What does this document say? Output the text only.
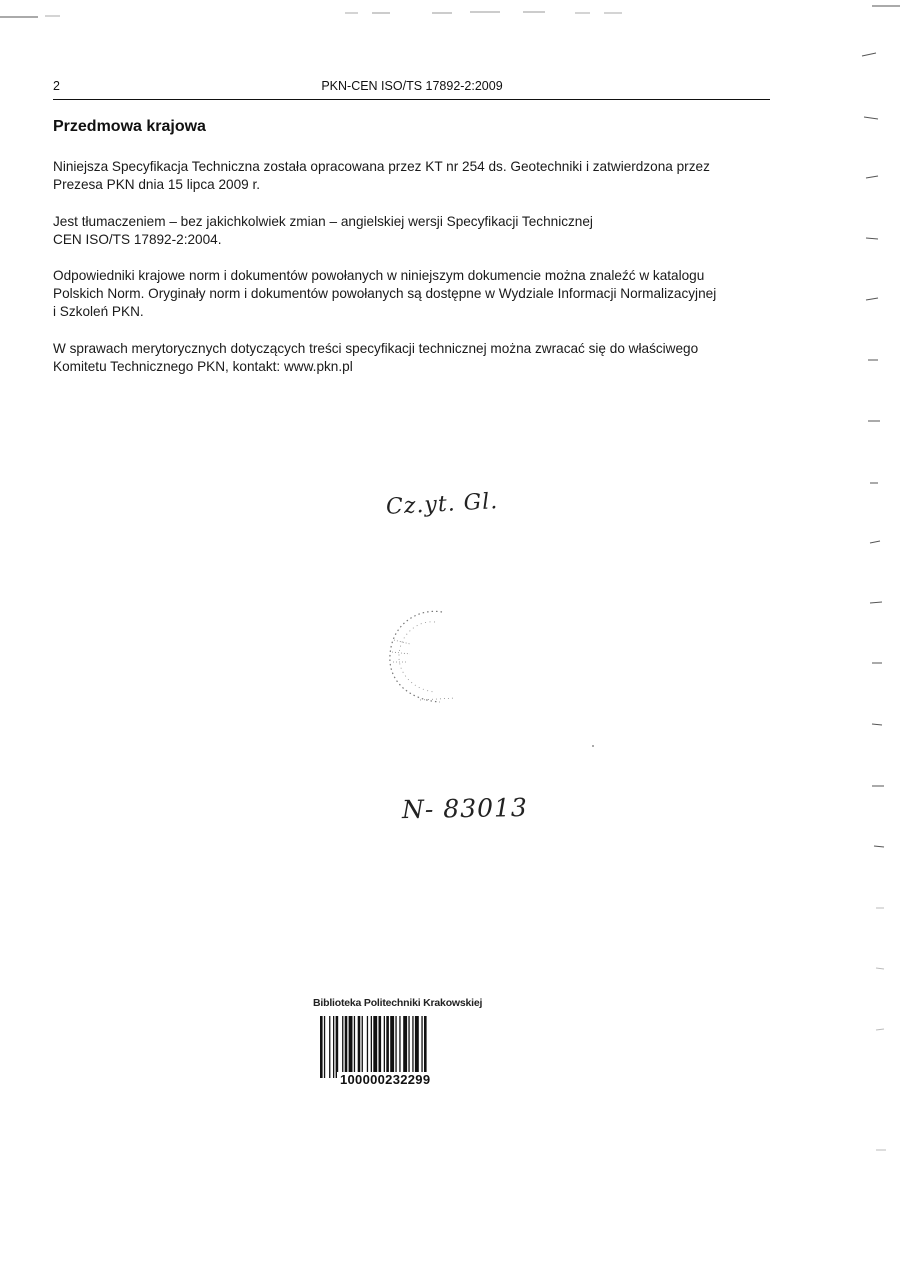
2	PKN-CEN ISO/TS 17892-2:2009
Przedmowa krajowa

Niniejsza Specyfikacja Techniczna została opracowana przez KT nr 254 ds. Geotechniki i zatwierdzona przez
Prezesa PKN dnia 15 lipca 2009 r.

Jest tłumaczeniem – bez jakichkolwiek zmian – angielskiej wersji Specyfikacji Technicznej
CEN ISO/TS 17892-2:2004.

Odpowiedniki krajowe norm i dokumentów powołanych w niniejszym dokumencie można znaleźć w katalogu
Polskich Norm. Oryginały norm i dokumentów powołanych są dostępne w Wydziale Informacji Normalizacyjnej
i Szkoleń PKN.

W sprawach merytorycznych dotyczących treści specyfikacji technicznej można zwracać się do właściwego
Komitetu Technicznego PKN, kontakt: www.pkn.pl

Cz.yt. Gl.
N- 83013
Biblioteka Politechniki Krakowskiej
100000232299
